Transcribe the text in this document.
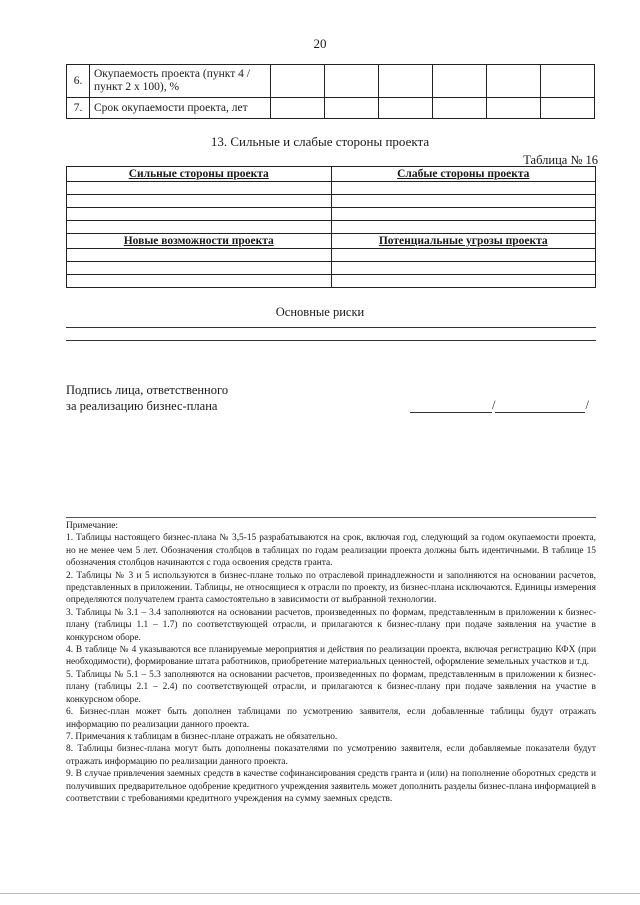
20
6.	Окупаемость проекта (пункт 4 / пункт 2 х 100), %						
7.	Срок окупаемости проекта, лет						
13. Сильные и слабые стороны проекта
Таблица № 16
Сильные стороны проекта	Слабые стороны проекта

Новые возможности проекта	Потенциальные угрозы проекта

Основные риски
Подпись лица, ответственного
за реализацию бизнес-плана	/	/

Примечание:

1. Таблицы настоящего бизнес-плана № 3,5-15 разрабатываются на срок, включая год, следующий за годом окупаемости проекта, но не менее чем 5 лет. Обозначения столбцов в таблицах по годам реализации проекта должны быть идентичными. В таблице 15 обозначения столбцов начинаются с года освоения средств гранта.

2. Таблицы № 3 и 5 используются в бизнес-плане только по отраслевой принадлежности и заполняются на основании расчетов, представленных в приложении. Таблицы, не относящиеся к отрасли по проекту, из бизнес-плана исключаются. Единицы измерения определяются получателем гранта самостоятельно в зависимости от выбранной технологии.

3. Таблицы № 3.1 – 3.4 заполняются на основании расчетов, произведенных по формам, представленным в приложении к бизнес-плану (таблицы 1.1 – 1.7) по соответствующей отрасли, и прилагаются к бизнес-плану при подаче заявления на участие в конкурсном оборе.

4. В таблице № 4 указываются все планируемые мероприятия и действия по реализации проекта, включая регистрацию КФХ (при необходимости), формирование штата работников, приобретение материальных ценностей, оформление земельных участков и т.д.

5. Таблицы № 5.1 – 5.3 заполняются на основании расчетов, произведенных по формам, представленным в приложении к бизнес-плану (таблицы 2.1 – 2.4) по соответствующей отрасли, и прилагаются к бизнес-плану при подаче заявления на участие в конкурсном оборе.

6. Бизнес-план может быть дополнен таблицами по усмотрению заявителя, если добавленные таблицы будут отражать информацию по реализации данного проекта.

7. Примечания к таблицам в бизнес-плане отражать не обязательно.

8. Таблицы бизнес-плана могут быть дополнены показателями по усмотрению заявителя, если добавляемые показатели будут отражать информацию по реализации данного проекта.

9. В случае привлечения заемных средств в качестве софинансирования средств гранта и (или) на пополнение оборотных средств и получивших предварительное одобрение кредитного учреждения заявитель может дополнить разделы бизнес-плана информацией в соответствии с требованиями кредитного учреждения на сумму заемных средств.
